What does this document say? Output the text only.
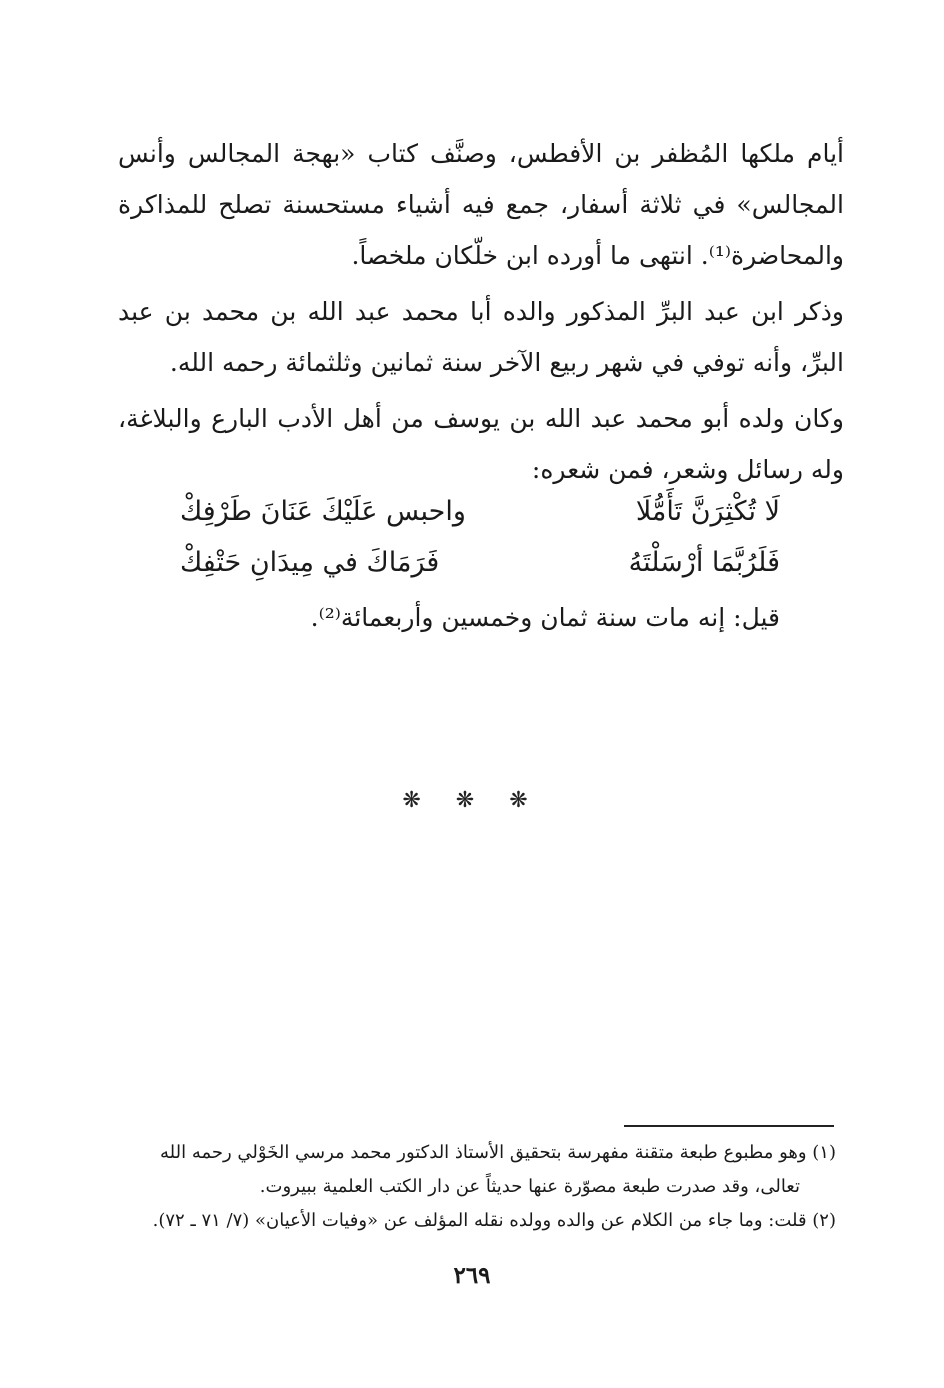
أيام ملكها المُظفر بن الأفطس، وصنَّف كتاب «بهجة المجالس وأنس المجالس» في ثلاثة أسفار، جمع فيه أشياء مستحسنة تصلح للمذاكرة والمحاضرة⁽¹⁾. انتهى ما أورده ابن خلّكان ملخصاً.

وذكر ابن عبد البرِّ المذكور والده أبا محمد عبد الله بن محمد بن عبد البرِّ، وأنه توفي في شهر ربيع الآخر سنة ثمانين وثلثمائة رحمه الله.

وكان ولده أبو محمد عبد الله بن يوسف من أهل الأدب البارع والبلاغة، وله رسائل وشعر، فمن شعره:

لَا تُكْثِرَنَّ تَأَمُّلَا
واحبس عَلَيْكَ عَنَانَ طَرْفِكْ
فَلَرُبَّمَا أرْسَلْتَهُ
فَرَمَاكَ في مِيدَانِ حَتْفِكْ
قيل: إنه مات سنة ثمان وخمسين وأربعمائة⁽²⁾.
❋ ❋ ❋

(١) وهو مطبوع طبعة متقنة مفهرسة بتحقيق الأستاذ الدكتور محمد مرسي الخَوْلي رحمه الله

تعالى، وقد صدرت طبعة مصوّرة عنها حديثاً عن دار الكتب العلمية ببيروت.

(٢) قلت: وما جاء من الكلام عن والده وولده نقله المؤلف عن «وفيات الأعيان» (٧/ ٧١ ـ ٧٢).

٢٦٩
